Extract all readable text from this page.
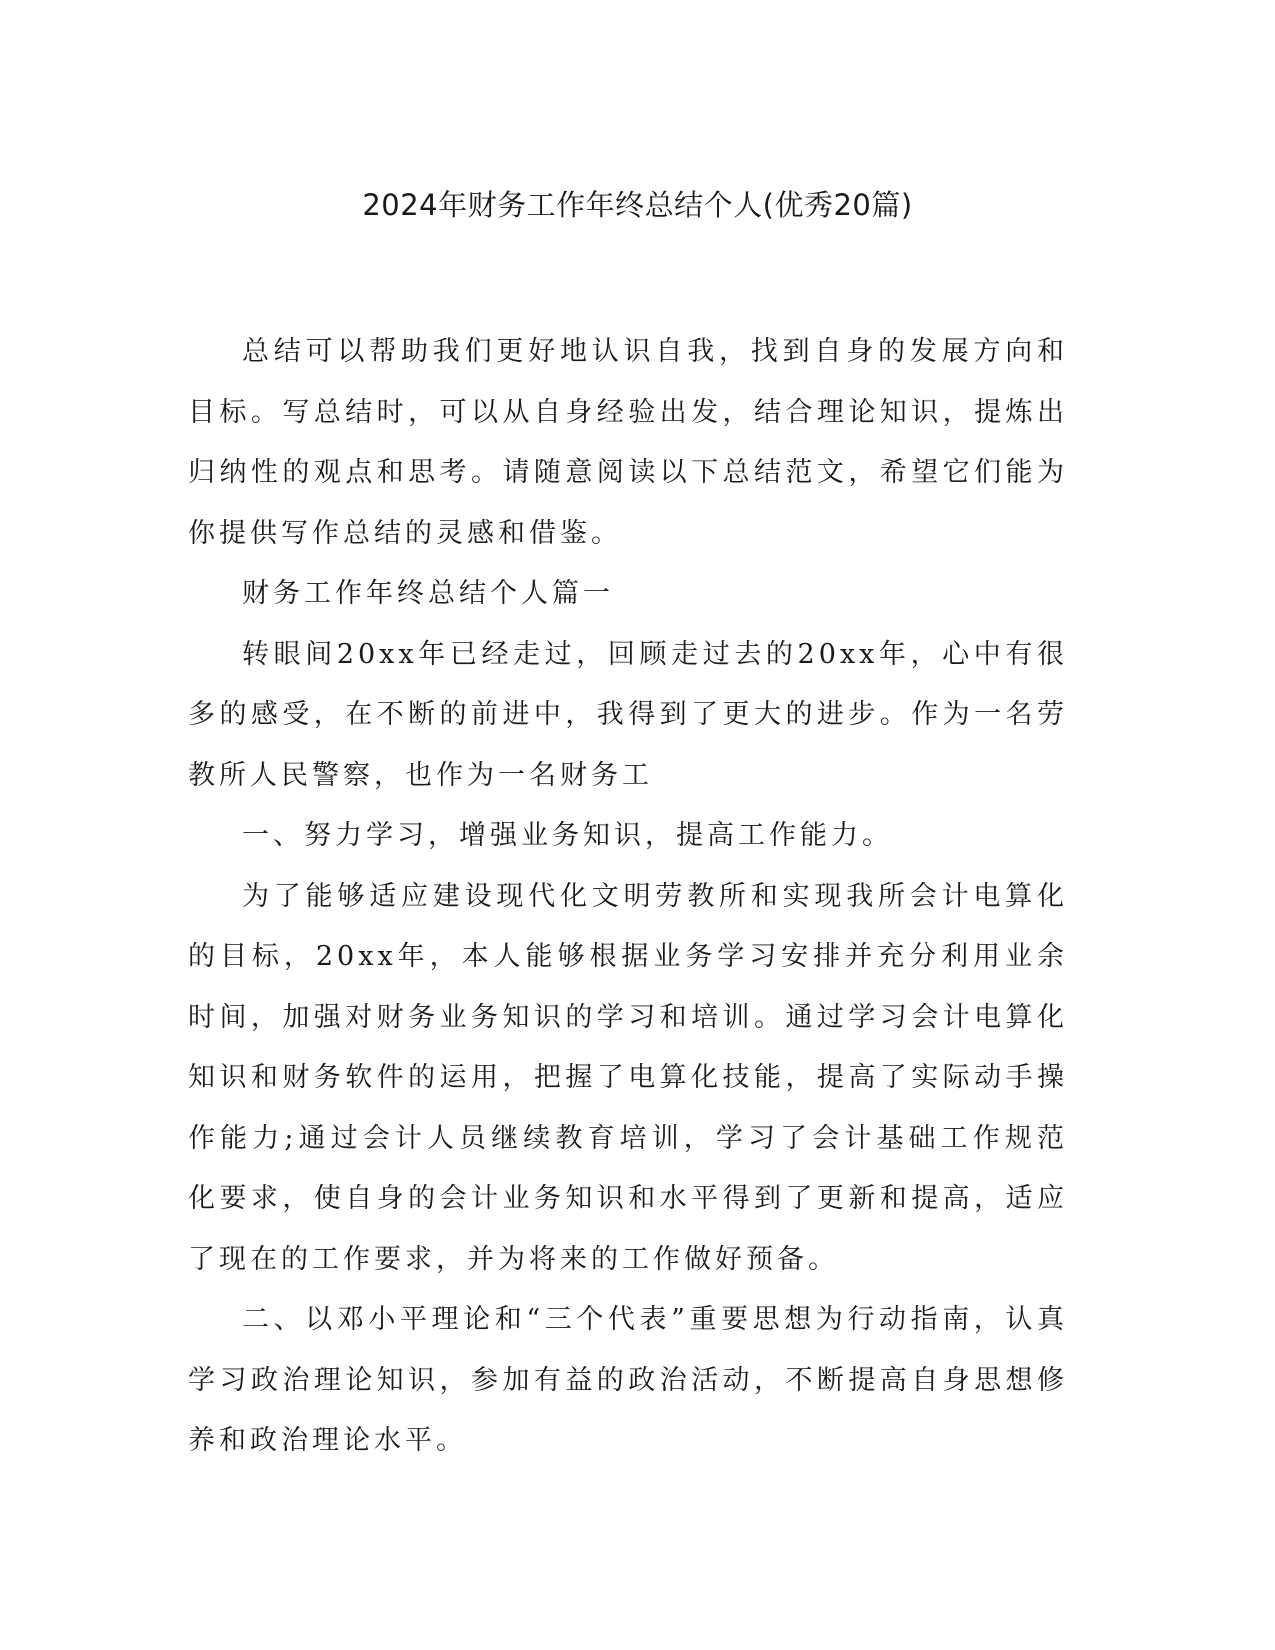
2024年财务工作年终总结个人(优秀20篇)

总结可以帮助我们更好地认识自我，找到自身的发展方向和目标。写总结时，可以从自身经验出发，结合理论知识，提炼出归纳性的观点和思考。请随意阅读以下总结范文，希望它们能为你提供写作总结的灵感和借鉴。

财务工作年终总结个人篇一

转眼间20xx年已经走过，回顾走过去的20xx年，心中有很多的感受，在不断的前进中，我得到了更大的进步。作为一名劳教所人民警察，也作为一名财务工

一、努力学习，增强业务知识，提高工作能力。

为了能够适应建设现代化文明劳教所和实现我所会计电算化的目标，20xx年，本人能够根据业务学习安排并充分利用业余时间，加强对财务业务知识的学习和培训。通过学习会计电算化知识和财务软件的运用，把握了电算化技能，提高了实际动手操作能力;通过会计人员继续教育培训，学习了会计基础工作规范化要求，使自身的会计业务知识和水平得到了更新和提高，适应了现在的工作要求，并为将来的工作做好预备。

二、以邓小平理论和“三个代表”重要思想为行动指南，认真学习政治理论知识，参加有益的政治活动，不断提高自身思想修养和政治理论水平。
